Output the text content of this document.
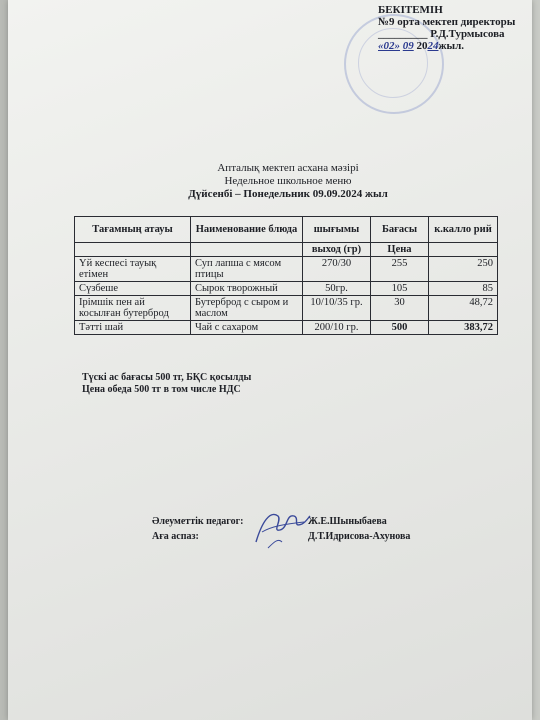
БЕКІТЕМІН
№9 орта мектеп директоры
_________ Р.Д.Турмысова
«02» 09 2024жыл.
Апталық мектеп асхана мәзірі
Недельное школьное меню
Дүйсенбі – Понедельник 09.09.2024 жыл
Тағамның атауы	Наименование блюда	шығымы	Бағасы	к.калло рий
		выход (гр)	Цена	
Үй кеспесі тауық етімен	Суп лапша с мясом птицы	270/30	255	250
Сүзбеше	Сырок творожный	50гр.	105	85
Ірімшік пен ай косылған бутерброд	Бутерброд с сыром и маслом	10/10/35 гр.	30	48,72
Тәтті шай	Чай с сахаром	200/10 гр.	500	383,72
Түскі ас бағасы 500 тг, БҚС қосылды
Цена обеда 500 тг в том числе НДС
Әлеуметтік педагог:	Ж.Е.Шыныбаева
Аға аспаз:	Д.Т.Идрисова-Ахунова
